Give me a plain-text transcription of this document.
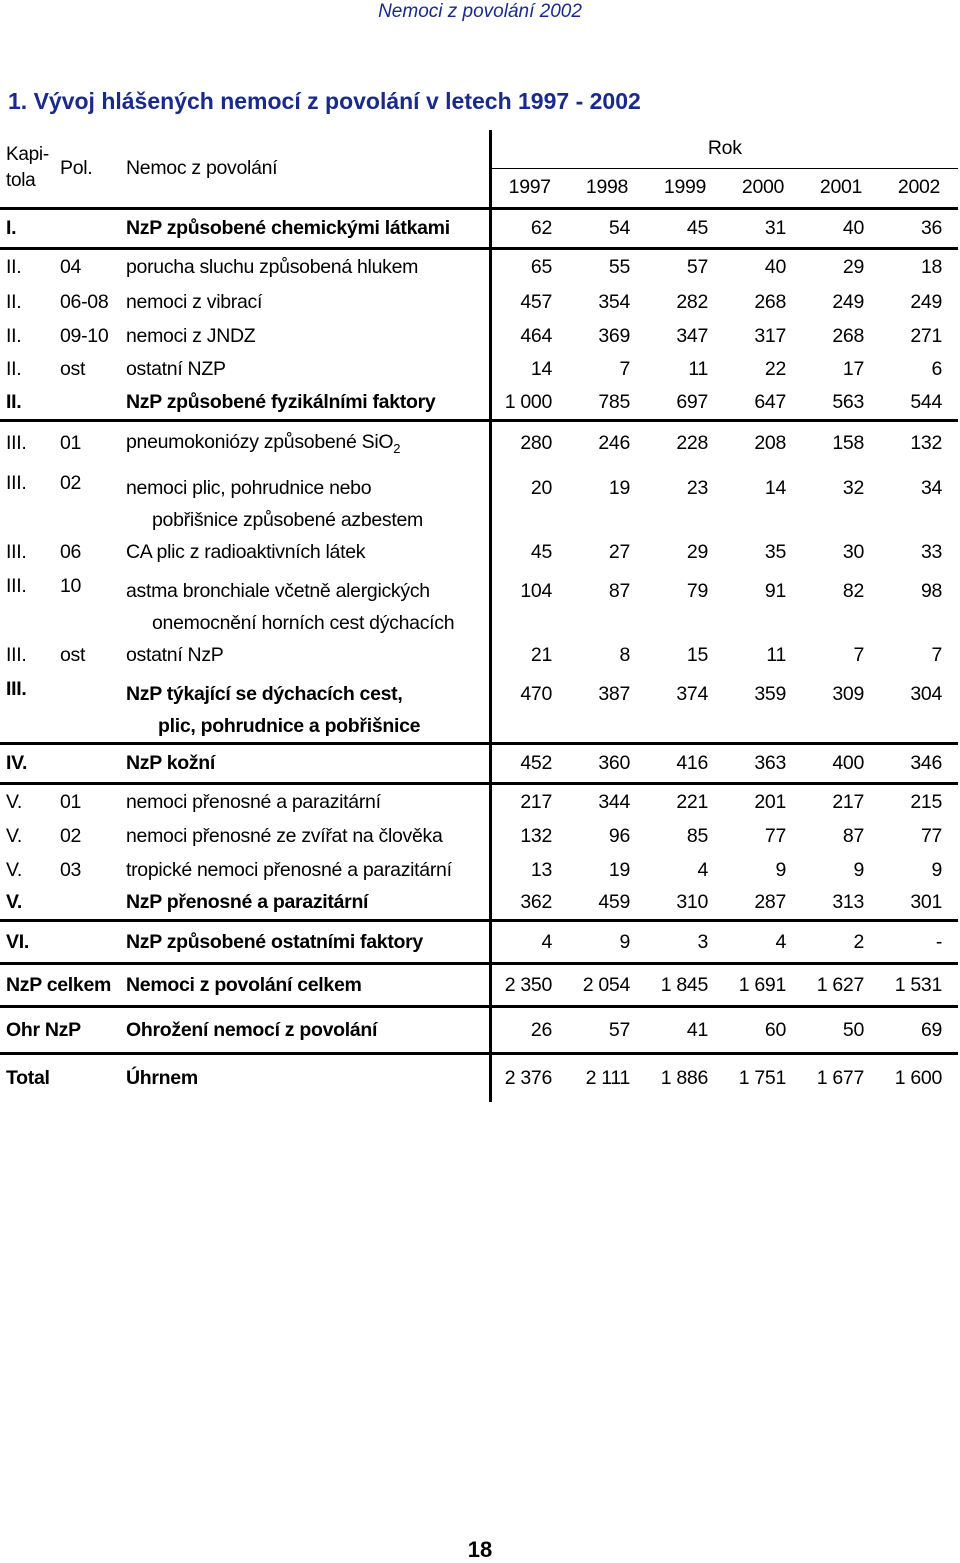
Nemoci z povolání 2002
1. Vývoj hlášených nemocí z povolání v letech 1997 - 2002
Kapi-
tola	Pol.	Nemoc z povolání	Rok					
			1997	1998	1999	2000	2001	2002
I.		NzP způsobené chemickými látkami	62	54	45	31	40	36
II.	04	porucha sluchu způsobená hlukem	65	55	57	40	29	18
II.	06-08	nemoci z vibrací	457	354	282	268	249	249
II.	09-10	nemoci z JNDZ	464	369	347	317	268	271
II.	ost	ostatní NZP	14	7	11	22	17	6
II.		NzP způsobené fyzikálními faktory	1 000	785	697	647	563	544
III.	01	pneumokoniózy způsobené SiO$_2$	280	246	228	208	158	132
III.	02	nemoci plic, pohrudnice nebo
pobřišnice způsobené azbestem	20	19	23	14	32	34
III.	06	CA plic z radioaktivních látek	45	27	29	35	30	33
III.	10	astma bronchiale včetně alergických
onemocnění horních cest dýchacích	104	87	79	91	82	98
III.	ost	ostatní NzP	21	8	15	11	7	7
III.		NzP týkající se dýchacích cest,
plic, pohrudnice a pobřišnice	470	387	374	359	309	304
IV.		NzP kožní	452	360	416	363	400	346
V.	01	nemoci přenosné a parazitární	217	344	221	201	217	215
V.	02	nemoci přenosné ze zvířat na člověka	132	96	85	77	87	77
V.	03	tropické nemoci přenosné a parazitární	13	19	4	9	9	9
V.		NzP přenosné a parazitární	362	459	310	287	313	301
VI.		NzP způsobené ostatními faktory	4	9	3	4	2	-
NzP celkem		Nemoci z povolání celkem	2 350	2 054	1 845	1 691	1 627	1 531
Ohr NzP		Ohrožení nemocí z povolání	26	57	41	60	50	69
Total		Úhrnem	2 376	2 111	1 886	1 751	1 677	1 600
18
